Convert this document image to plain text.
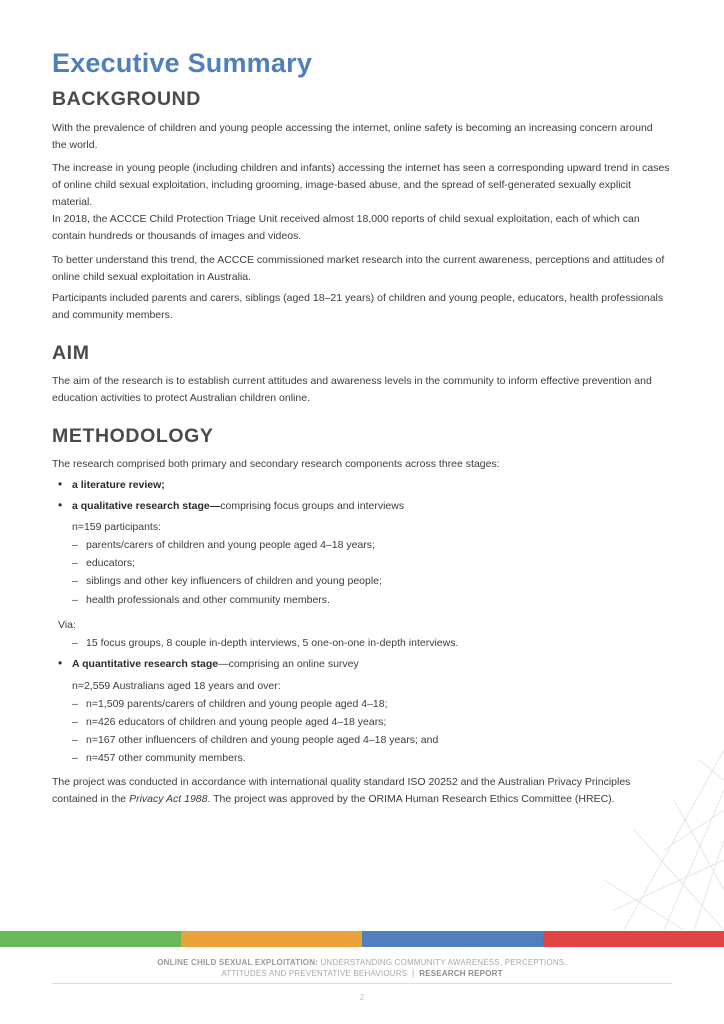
Executive Summary
BACKGROUND

With the prevalence of children and young people accessing the internet, online safety is becoming an increasing concern around the world.

The increase in young people (including children and infants) accessing the internet has seen a corresponding upward trend in cases of online child sexual exploitation, including grooming, image-based abuse, and the spread of self-generated sexually explicit material.

In 2018, the ACCCE Child Protection Triage Unit received almost 18,000 reports of child sexual exploitation, each of which can contain hundreds or thousands of images and videos.

To better understand this trend, the ACCCE commissioned market research into the current awareness, perceptions and attitudes of online child sexual exploitation in Australia.

Participants included parents and carers, siblings (aged 18–21 years) of children and young people, educators, health professionals and community members.

AIM

The aim of the research is to establish current attitudes and awareness levels in the community to inform effective prevention and education activities to protect Australian children online.

METHODOLOGY
The research comprised both primary and secondary research components across three stages:
• a literature review;
• a qualitative research stage—comprising focus groups and interviews
n=159 participants:
– parents/carers of children and young people aged 4–18 years;
– educators;
– siblings and other key influencers of children and young people;
– health professionals and other community members.
Via:
– 15 focus groups, 8 couple in-depth interviews, 5 one-on-one in-depth interviews.
• A quantitative research stage—comprising an online survey
n=2,559 Australians aged 18 years and over:
– n=1,509 parents/carers of children and young people aged 4–18;
– n=426 educators of children and young people aged 4–18 years;
– n=167 other influencers of children and young people aged 4–18 years; and
– n=457 other community members.
The project was conducted in accordance with international quality standard ISO 20252 and the Australian Privacy Principles
contained in the Privacy Act 1988. The project was approved by the ORIMA Human Research Ethics Committee (HREC).
ONLINE CHILD SEXUAL EXPLOITATION: UNDERSTANDING COMMUNITY AWARENESS, PERCEPTIONS,
ATTITUDES AND PREVENTATIVE BEHAVIOURS  |  RESEARCH REPORT
2
